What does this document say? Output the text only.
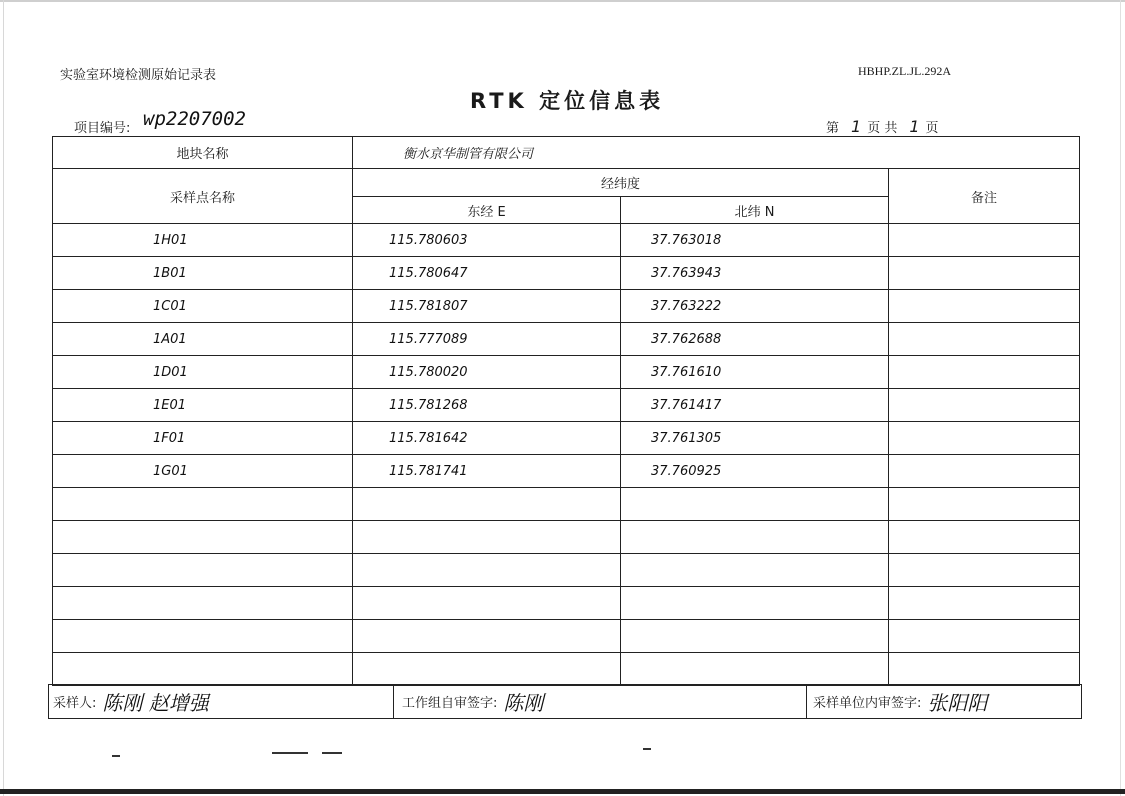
实验室环境检测原始记录表	HBHP.ZL.JL.292A
RTK 定位信息表
项目编号: wp2207002	第 1 页 共 1 页
地块名称	衡水京华制管有限公司		
采样点名称	经纬度		备注
	东经 E	北纬 N	
1H01	115.780603	37.763018	
1B01	115.780647	37.763943	
1C01	115.781807	37.763222	
1A01	115.777089	37.762688	
1D01	115.780020	37.761610	
1E01	115.781268	37.761417	
1F01	115.781642	37.761305	
1G01	115.781741	37.760925	

采样人: 陈刚 赵增强	工作组自审签字: 陈刚	采样单位内审签字: 张阳阳
